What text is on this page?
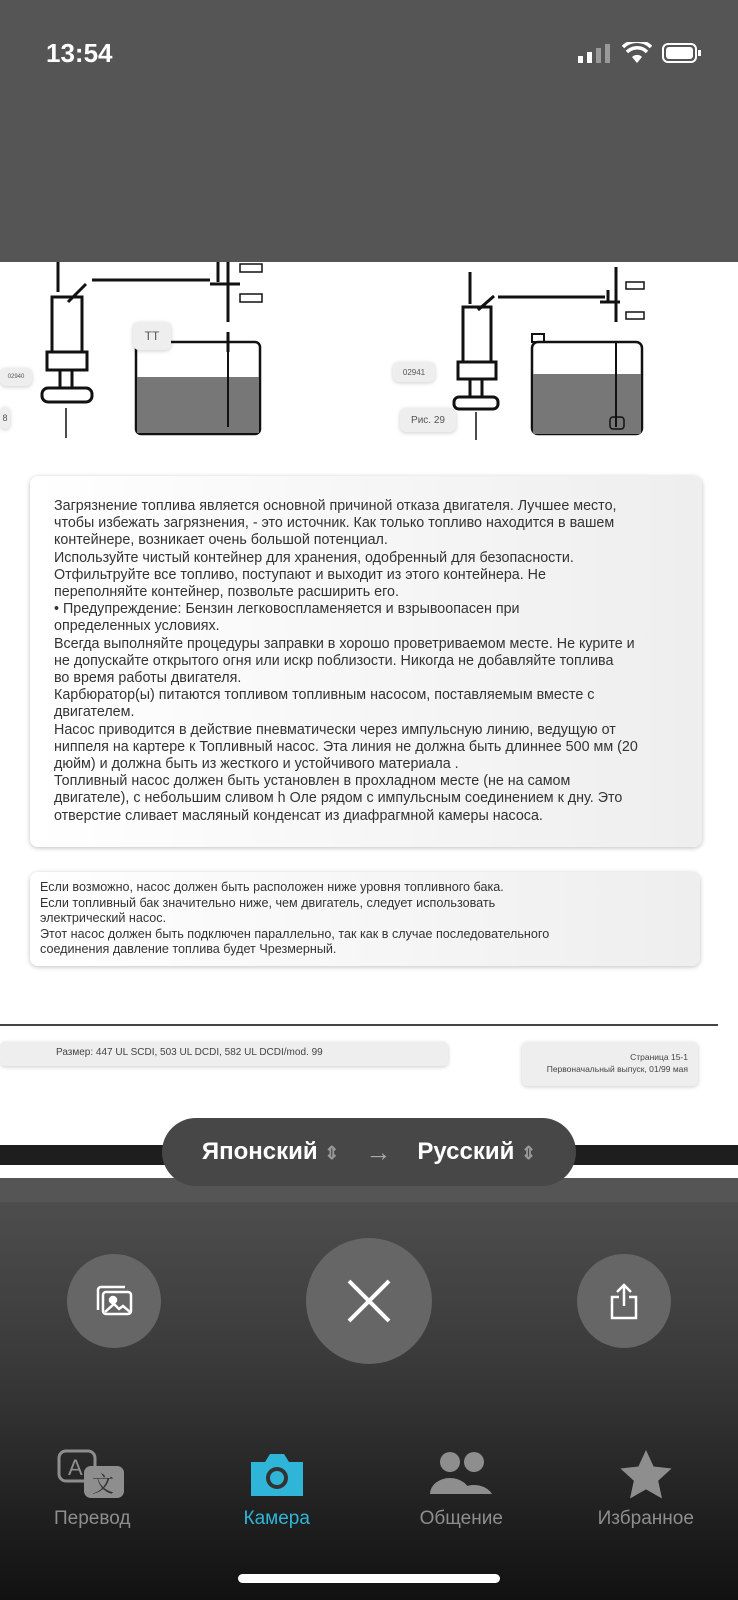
13:54
ТТ
02940
8
02941
Рис. 29

Загрязнение топлива является основной причиной отказа двигателя. Лучшее место,
чтобы избежать загрязнения, - это источник. Как только топливо находится в вашем
контейнере, возникает очень большой потенциал.
Используйте чистый контейнер для хранения, одобренный для безопасности.
Отфильтруйте все топливо, поступают и выходит из этого контейнера. Не
переполняйте контейнер, позвольте расширить его.
• Предупреждение: Бензин легковоспламеняется и взрывоопасен при
определенных условиях.
Всегда выполняйте процедуры заправки в хорошо проветриваемом месте. Не курите и
не допускайте открытого огня или искр поблизости. Никогда не добавляйте топлива
во время работы двигателя.
Карбюратор(ы) питаются топливом топливным насосом, поставляемым вместе с
двигателем.
Насос приводится в действие пневматически через импульсную линию, ведущую от
ниппеля на картере к Топливный насос. Эта линия не должна быть длиннее 500 мм (20
дюйм) и должна быть из жесткого и устойчивого материала .
Топливный насос должен быть установлен в прохладном месте (не на самом
двигателе), с небольшим сливом h Оле рядом с импульсным соединением к дну. Это
отверстие сливает масляный конденсат из диафрагмной камеры насоса.

Если возможно, насос должен быть расположен ниже уровня топливного бака.
Если топливный бак значительно ниже, чем двигатель, следует использовать
электрический насос.
Этот насос должен быть подключен параллельно, так как в случае последовательного
соединения давление топлива будет Чрезмерный.

Размер: 447 UL SCDI, 503 UL DCDI, 582 UL DCDI/mod. 99	Страница 15-1
Первоначальный выпуск, 01/99 мая
Японский ⇕ → Русский ⇕
A
文
Перевод	Камера	Общение	Избранное
